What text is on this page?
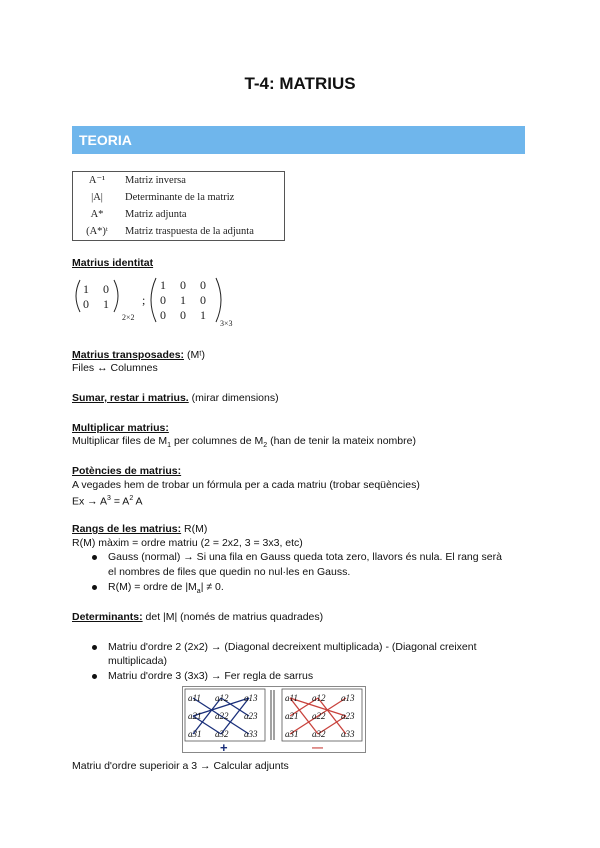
T-4: MATRIUS
TEORIA
A⁻¹	Matriz inversa
|A|	Determinante de la matriz
A*	Matriz adjunta
(A*)ᵗ	Matriz traspuesta de la adjunta
Matrius identitat
1 0
0 1
2×2
;
1 0 0
0 1 0
0 0 1
3×3
Matrius transposades: (Mᵗ)
Files ↔ Columnes
Sumar, restar i matrius. (mirar dimensions)
Multiplicar matrius:
Multiplicar files de $M_1$ per columnes de $M_2$ (han de tenir la mateix nombre)
Potències de matrius:
A vegades hem de trobar un fórmula per a cada matriu (trobar seqüències)
$Ex \to A^3 = A^2$ A
Rangs de les matrius: R(M)
R(M) màxim = ordre matriu (2 = 2x2, 3 = 3x3, etc)
Gauss (normal) → Si una fila en Gauss queda tota zero, llavors és nula. El rang serà
el nombres de files que quedin no nul·les en Gauss.
R(M) = ordre de $|M_a| \ne 0$.
Determinants: det |M| (només de matrius quadrades)
Matriu d'ordre 2 (2x2) → (Diagonal decreixent multiplicada) - (Diagonal creixent
multiplicada)
Matriu d'ordre 3 (3x3) → Fer regla de sarrus
a11 a12 a13
a21 a22 a23
a31 a32 a33
a11 a12 a13
a21 a22 a23
a31 a32 a33
+	—
Matriu d'ordre superioir a 3 → Calcular adjunts
